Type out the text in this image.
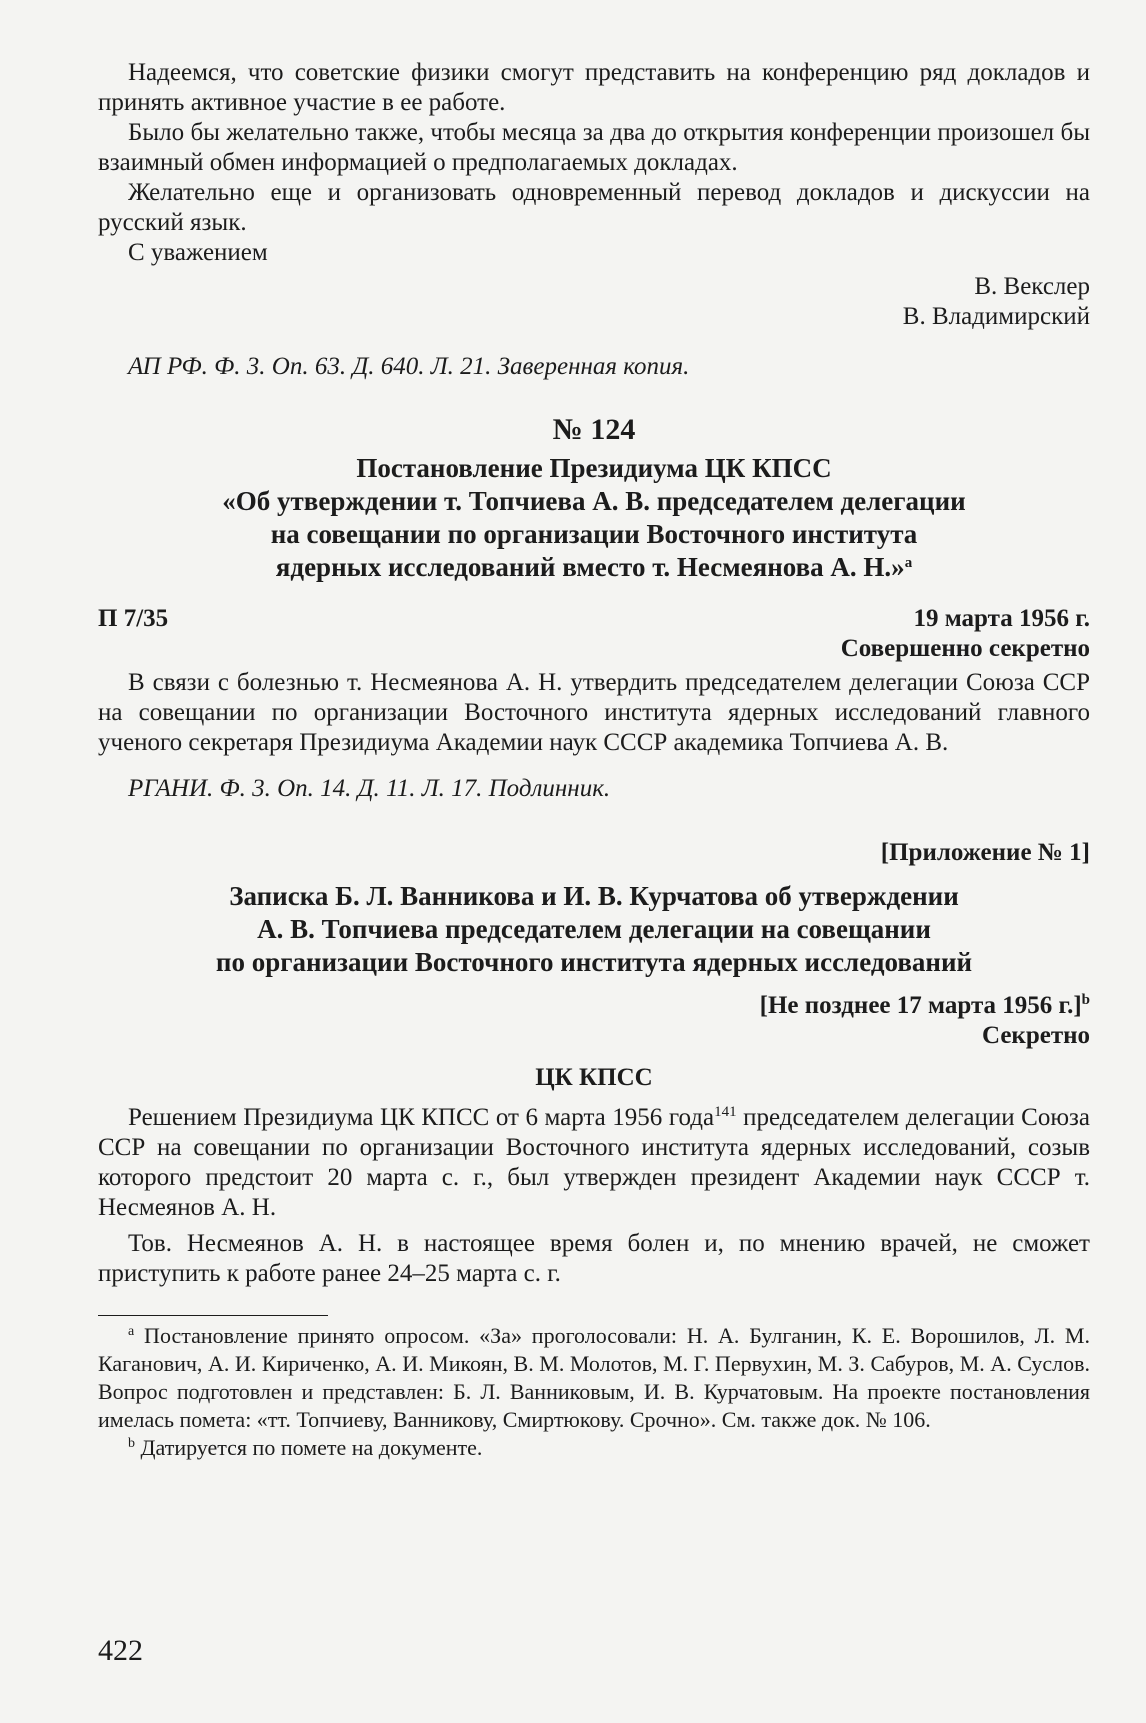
Надеемся, что советские физики смогут представить на конференцию ряд докладов и принять активное участие в ее работе.

Было бы желательно также, чтобы месяца за два до открытия конференции произошел бы взаимный обмен информацией о предполагаемых докладах.

Желательно еще и организовать одновременный перевод докладов и дискуссии на русский язык.

С уважением

В. Векслер

В. Владимирский

АП РФ. Ф. 3. Оп. 63. Д. 640. Л. 21. Заверенная копия.

№ 124
Постановление Президиума ЦК КПСС
«Об утверждении т. Топчиева А. В. председателем делегации
на совещании по организации Восточного института
ядерных исследований вместо т. Несмеянова А. Н.»$^а$
П 7/35	19 марта 1956 г.

Совершенно секретно

В связи с болезнью т. Несмеянова А. Н. утвердить председателем делегации Союза ССР на совещании по организации Восточного института ядерных исследований главного ученого секретаря Президиума Академии наук СССР академика Топчиева А. В.

РГАНИ. Ф. 3. Оп. 14. Д. 11. Л. 17. Подлинник.

[Приложение № 1]

Записка Б. Л. Ванникова и И. В. Курчатова об утверждении
А. В. Топчиева председателем делегации на совещании
по организации Восточного института ядерных исследований

[Не позднее 17 марта 1956 г.]$^b$

Секретно

ЦК КПСС

Решением Президиума ЦК КПСС от 6 марта 1956 года$^{141}$ председателем делегации Союза ССР на совещании по организации Восточного института ядерных исследований, созыв которого предстоит 20 марта с. г., был утвержден президент Академии наук СССР т. Несмеянов А. Н.

Тов. Несмеянов А. Н. в настоящее время болен и, по мнению врачей, не сможет приступить к работе ранее 24–25 марта с. г.

$^а$ Постановление принято опросом. «За» проголосовали: Н. А. Булганин, К. Е. Ворошилов, Л. М. Каганович, А. И. Кириченко, А. И. Микоян, В. М. Молотов, М. Г. Первухин, М. З. Сабуров, М. А. Суслов. Вопрос подготовлен и представлен: Б. Л. Ванниковым, И. В. Курчатовым. На проекте постановления имелась помета: «тт. Топчиеву, Ванникову, Смиртюкову. Срочно». См. также док. № 106.

$^b$ Датируется по помете на документе.

422
